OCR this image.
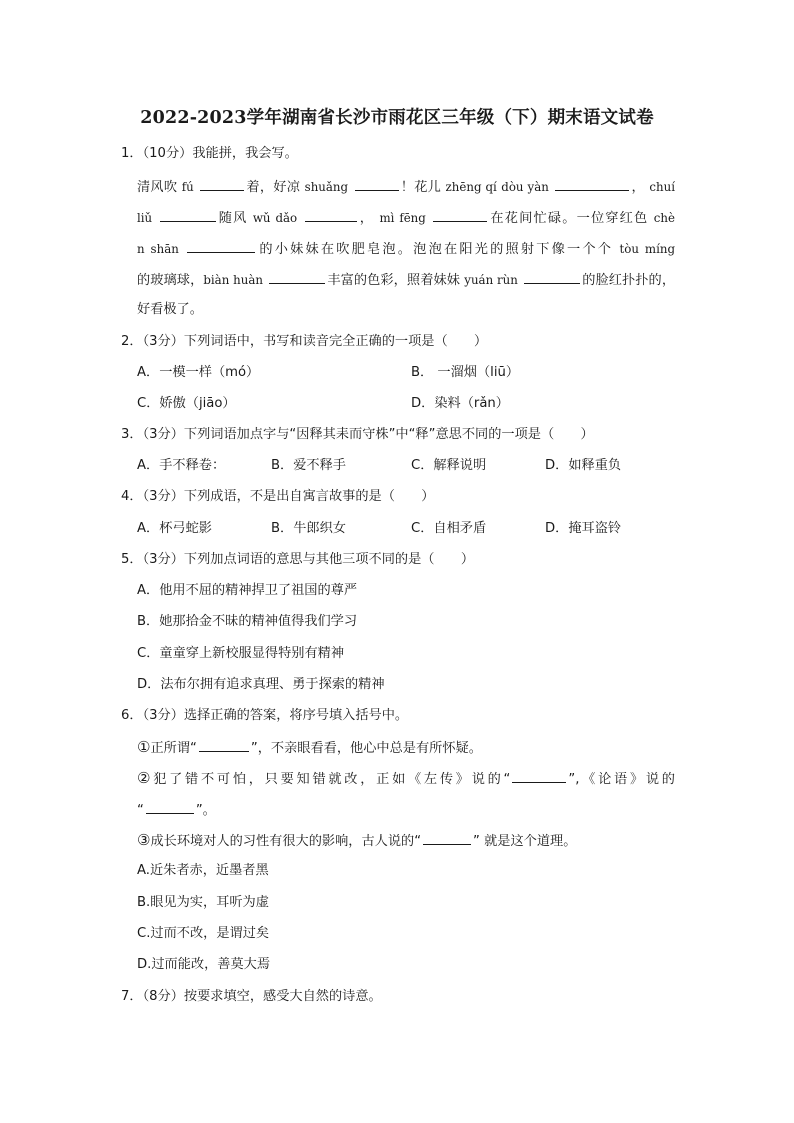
2022-2023学年湖南省长沙市雨花区三年级（下）期末语文试卷
1．（10分）我能拼，我会写。
清风吹 fú	着，好凉 shuǎng	！花儿 zhēng qí dòu yàn	， chuí
liǔ	随风 wǔ dǎo	， mì fēng	在花间忙碌。一位穿红色 chè
n shān	的小妹妹在吹肥皂泡。泡泡在阳光的照射下像一个个 tòu míng
的玻璃球，biàn huàn	丰富的色彩，照着妹妹 yuán rùn	的脸红扑扑的，
好看极了。
2．（3分）下列词语中，书写和读音完全正确的一项是（　　）
A．一模一样（mó）	B． 一溜烟（liū）
C．娇傲（jiāo）	D．染料（rǎn）
3．（3分）下列词语加点字与“因释其耒而守株”中“释”意思不同的一项是（　　）
A．手不释卷：	B．爱不释手	C．解释说明	D．如释重负
4．（3分）下列成语，不是出自寓言故事的是（　　）
A．杯弓蛇影	B．牛郎织女	C．自相矛盾	D．掩耳盗铃
5．（3分）下列加点词语的意思与其他三项不同的是（　　）
A．他用不屈的精神捍卫了祖国的尊严
B．她那拾金不昧的精神值得我们学习
C．童童穿上新校服显得特别有精神
D．法布尔拥有追求真理、勇于探索的精神
6．（3分）选择正确的答案，将序号填入括号中。
①正所谓“	”，不亲眼看看，他心中总是有所怀疑。
②犯了错不可怕，只要知错就改，正如《左传》说的“	”,《论语》说的
“	”。
③成长环境对人的习性有很大的影响，古人说的“	” 就是这个道理。
A.近朱者赤，近墨者黑
B.眼见为实，耳听为虚
C.过而不改，是谓过矣
D.过而能改，善莫大焉
7．（8分）按要求填空，感受大自然的诗意。
